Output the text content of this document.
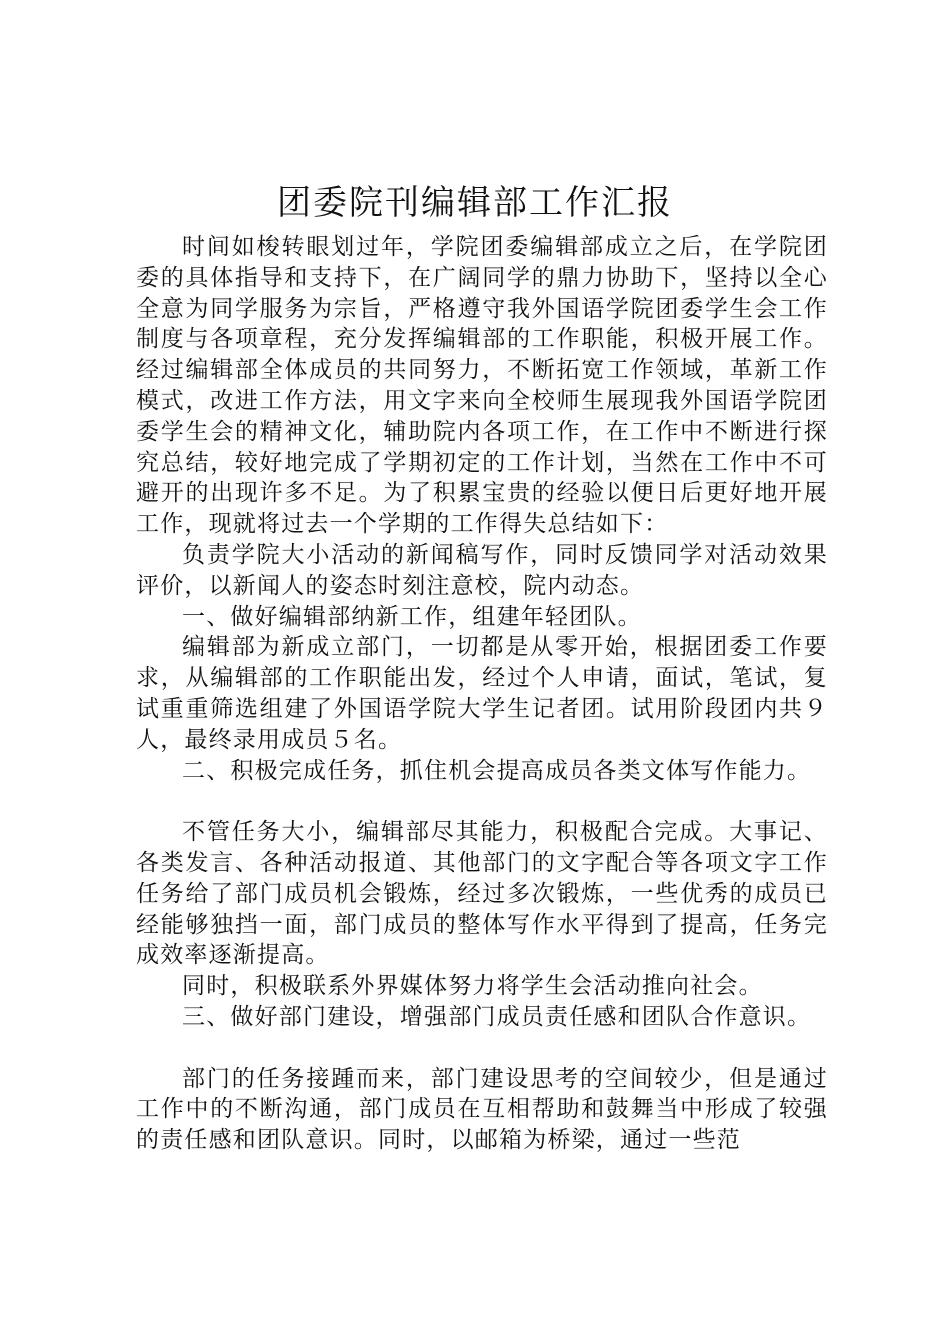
团委院刊编辑部工作汇报

时间如梭转眼划过年，学院团委编辑部成立之后，在学院团委的具体指导和支持下，在广阔同学的鼎力协助下，坚持以全心全意为同学服务为宗旨，严格遵守我外国语学院团委学生会工作制度与各项章程，充分发挥编辑部的工作职能，积极开展工作。经过编辑部全体成员的共同努力，不断拓宽工作领域，革新工作模式，改进工作方法，用文字来向全校师生展现我外国语学院团委学生会的精神文化，辅助院内各项工作，在工作中不断进行探究总结，较好地完成了学期初定的工作计划，当然在工作中不可避开的出现许多不足。为了积累宝贵的经验以便日后更好地开展工作，现就将过去一个学期的工作得失总结如下：

负责学院大小活动的新闻稿写作，同时反馈同学对活动效果评价，以新闻人的姿态时刻注意校，院内动态。

一、做好编辑部纳新工作，组建年轻团队。

编辑部为新成立部门，一切都是从零开始，根据团委工作要求，从编辑部的工作职能出发，经过个人申请，面试，笔试，复试重重筛选组建了外国语学院大学生记者团。试用阶段团内共９人，最终录用成员５名。

二、积极完成任务，抓住机会提高成员各类文体写作能力。

不管任务大小，编辑部尽其能力，积极配合完成。大事记、各类发言、各种活动报道、其他部门的文字配合等各项文字工作任务给了部门成员机会锻炼，经过多次锻炼，一些优秀的成员已经能够独挡一面，部门成员的整体写作水平得到了提高，任务完成效率逐渐提高。

同时，积极联系外界媒体努力将学生会活动推向社会。

三、做好部门建设，增强部门成员责任感和团队合作意识。

部门的任务接踵而来，部门建设思考的空间较少，但是通过工作中的不断沟通，部门成员在互相帮助和鼓舞当中形成了较强的责任感和团队意识。同时，以邮箱为桥梁，通过一些范
